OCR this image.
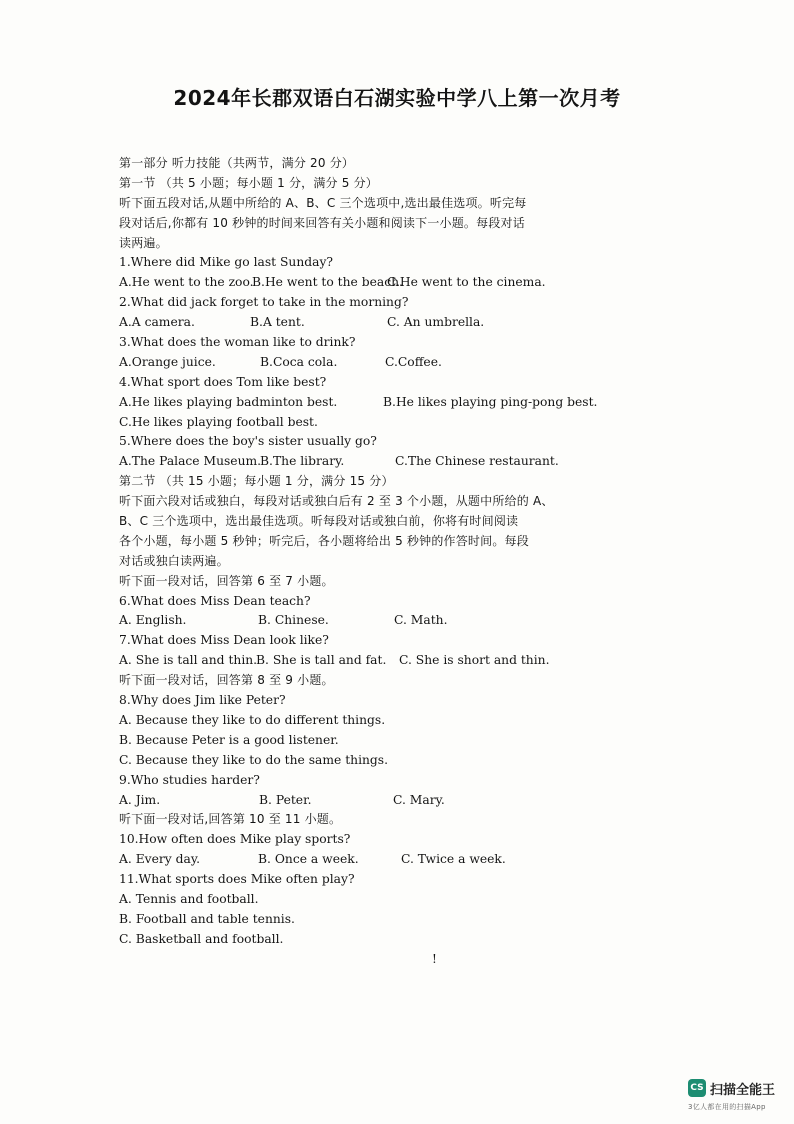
2024年长郡双语白石湖实验中学八上第一次月考
第一部分 听力技能（共两节，满分 20 分）
第一节 （共 5 小题；每小题 1 分，满分 5 分）
听下面五段对话,从题中所给的 A、B、C 三个选项中,选出最佳选项。听完每
段对话后,你都有 10 秒钟的时间来回答有关小题和阅读下一小题。每段对话
读两遍。
1.Where did Mike go last Sunday?
A.He went to the zoo.
B.He went to the beach.
C.He went to the cinema.
2.What did jack forget to take in the morning?
A.A camera.	B.A tent.	C. An umbrella.
3.What does the woman like to drink?
A.Orange juice.	B.Coca cola.	C.Coffee.
4.What sport does Tom like best?
A.He likes playing badminton best.	B.He likes playing ping-pong best.
C.He likes playing football best.
5.Where does the boy's sister usually go?
A.The Palace Museum.
B.The library.	C.The Chinese restaurant.
第二节 （共 15 小题；每小题 1 分，满分 15 分）
听下面六段对话或独白，每段对话或独白后有 2 至 3 个小题，从题中所给的 A、
B、C 三个选项中，选出最佳选项。听每段对话或独白前，你将有时间阅读
各个小题，每小题 5 秒钟；听完后，各小题将给出 5 秒钟的作答时间。每段
对话或独白读两遍。
听下面一段对话，回答第 6 至 7 小题。
6.What does Miss Dean teach?
A. English.	B. Chinese.	C. Math.
7.What does Miss Dean look like?
A. She is tall and thin.
B. She is tall and fat. C. She is short and thin.
听下面一段对话，回答第 8 至 9 小题。
8.Why does Jim like Peter?
A. Because they like to do different things.
B. Because Peter is a good listener.
C. Because they like to do the same things.
9.Who studies harder?
A. Jim.	B. Peter.	C. Mary.
听下面一段对话,回答第 10 至 11 小题。
10.How often does Mike play sports?
A. Every day.	B. Once a week.	C. Twice a week.
11.What sports does Mike often play?
A. Tennis and football.
B. Football and table tennis.
C. Basketball and football.
!
CS 扫描全能王
3亿人都在用的扫描App
